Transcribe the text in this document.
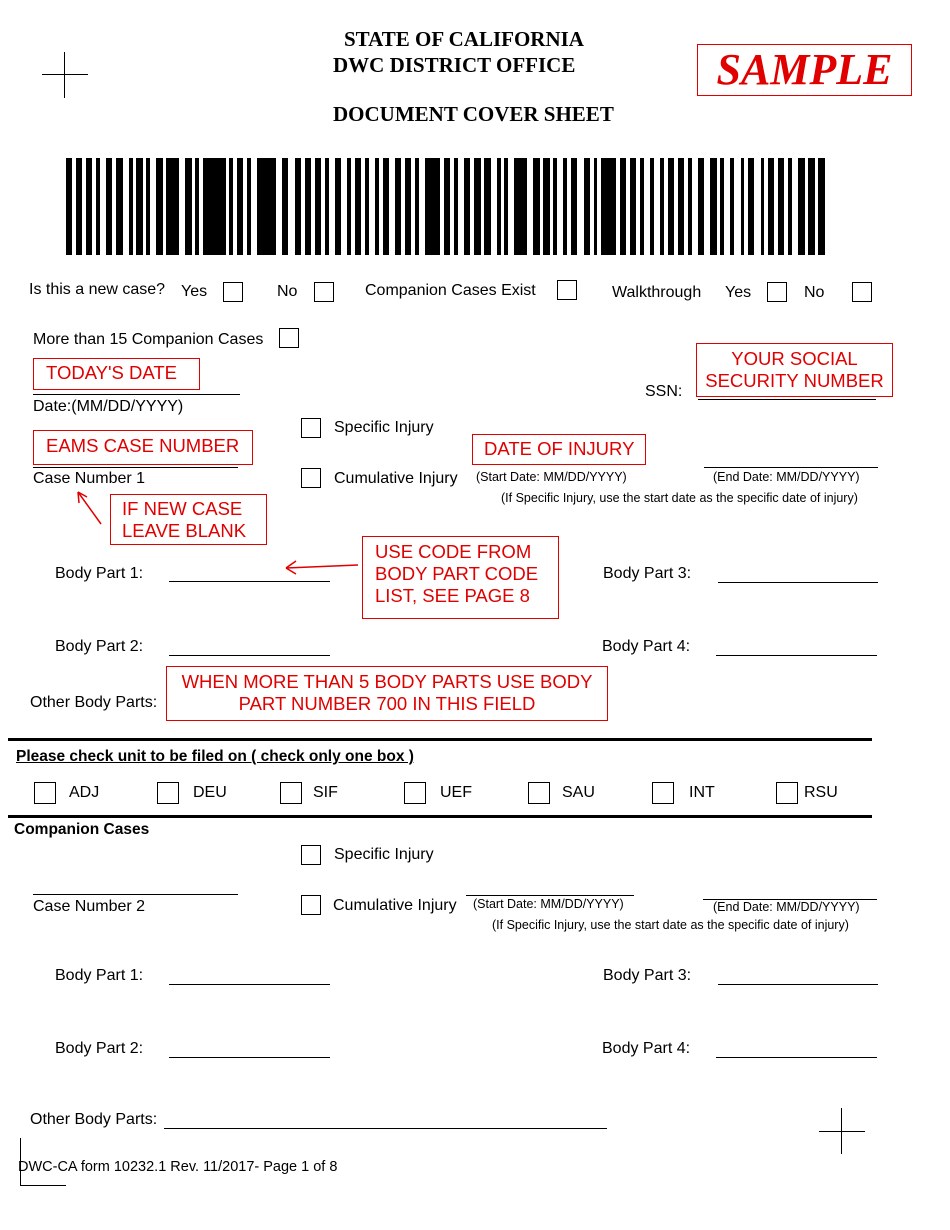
STATE OF CALIFORNIA
DWC DISTRICT OFFICE
DOCUMENT COVER SHEET
SAMPLE
Is this a new case? Yes	No	Companion Cases Exist	Walkthrough Yes	No
More than 15 Companion Cases
TODAY'S DATE
Date:(MM/DD/YYYY)
SSN:
YOUR SOCIAL
SECURITY NUMBER
Specific Injury
Cumulative Injury
EAMS CASE NUMBER
Case Number 1
DATE OF INJURY
(Start Date: MM/DD/YYYY)	(End Date: MM/DD/YYYY)
(If Specific Injury, use the start date as the specific date of injury)
IF NEW CASE
LEAVE BLANK
Body Part 1:
USE CODE FROM
BODY PART CODE
LIST, SEE PAGE 8
Body Part 3:
Body Part 2:	Body Part 4:
Other Body Parts:
WHEN MORE THAN 5 BODY PARTS USE BODY
PART NUMBER 700 IN THIS FIELD
Please check unit to be filed on ( check only one box )
ADJ	DEU	SIF	UEF	SAU	INT	RSU
Companion Cases
Specific Injury
Case Number 2	Cumulative Injury (Start Date: MM/DD/YYYY)	(End Date: MM/DD/YYYY)
(If Specific Injury, use the start date as the specific date of injury)
Body Part 1:	Body Part 3:
Body Part 2:	Body Part 4:
Other Body Parts:
DWC-CA form 10232.1 Rev. 11/2017- Page 1 of 8
